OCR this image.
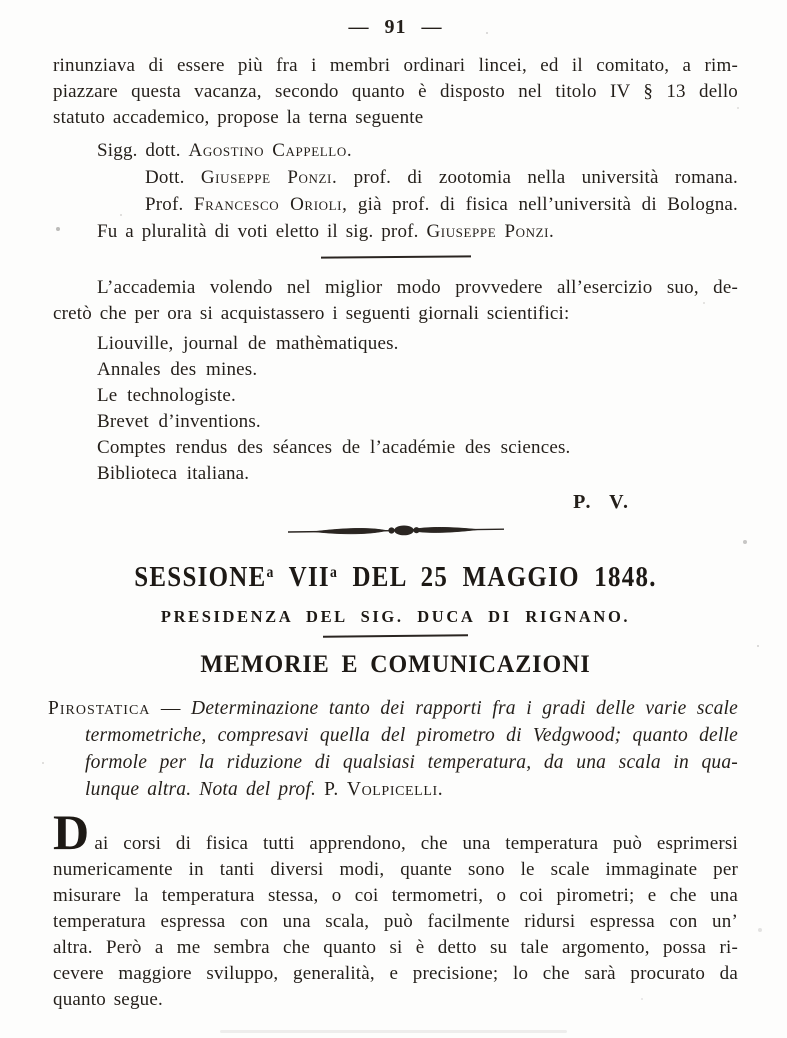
— 91 —
rinunziava di essere più fra i membri ordinari lincei, ed il comitato, a rim-
piazzare questa vacanza, secondo quanto è disposto nel titolo IV § 13 dello
statuto accademico, propose la terna seguente
Sigg. dott. Agostino Cappello.
Dott. Giuseppe Ponzi. prof. di zootomia nella università romana.
Prof. Francesco Orioli, già prof. di fisica nell’università di Bologna.
Fu a pluralità di voti eletto il sig. prof. Giuseppe Ponzi.
L’accademia volendo nel miglior modo provvedere all’esercizio suo, de-
cretò che per ora si acquistassero i seguenti giornali scientifici:
Liouville, journal de mathèmatiques.
Annales des mines.
Le technologiste.
Brevet d’inventions.
Comptes rendus des séances de l’académie des sciences.
Biblioteca italiana.
P. V.
SESSIONE$^a$ VII$^a$ DEL 25 MAGGIO 1848.
PRESIDENZA DEL SIG. DUCA DI RIGNANO.
MEMORIE E COMUNICAZIONI
Pirostatica — Determinazione tanto dei rapporti fra i gradi delle varie scale
termometriche, compresavi quella del pirometro di Vedgwood; quanto delle
formole per la riduzione di qualsiasi temperatura, da una scala in qua-
lunque altra. Nota del prof. P. Volpicelli.
Dai corsi di fisica tutti apprendono, che una temperatura può esprimersi
numericamente in tanti diversi modi, quante sono le scale immaginate per
misurare la temperatura stessa, o coi termometri, o coi pirometri; e che una
temperatura espressa con una scala, può facilmente ridursi espressa con un’
altra. Però a me sembra che quanto si è detto su tale argomento, possa ri-
cevere maggiore sviluppo, generalità, e precisione; lo che sarà procurato da
quanto segue.
